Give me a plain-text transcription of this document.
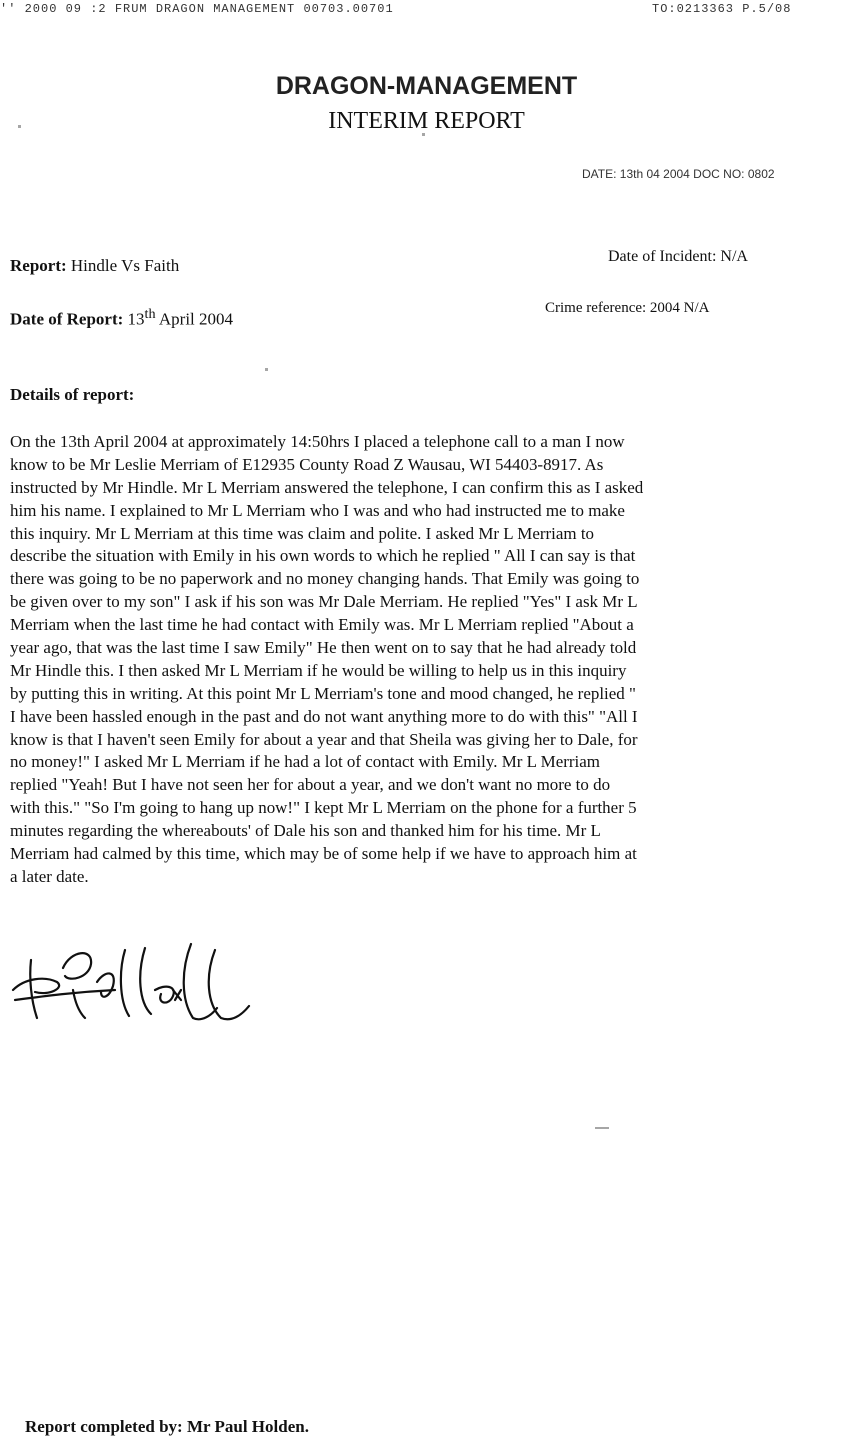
'' 2000 09 :2 FRUM DRAGON MANAGEMENT 00703.00701	TO:0213363 P.5/08
DRAGON-MANAGEMENT
INTERIM REPORT
DATE: 13th 04 2004 DOC NO: 0802
Report: Hindle Vs Faith	Date of Incident: N/A
Date of Report: 13th April 2004
Crime reference: 2004 N/A
Details of report:
On the 13th April 2004 at approximately 14:50hrs I placed a telephone call to a man I now
know to be Mr Leslie Merriam of E12935 County Road Z Wausau, WI 54403-8917. As
instructed by Mr Hindle. Mr L Merriam answered the telephone, I can confirm this as I asked
him his name. I explained to Mr L Merriam who I was and who had instructed me to make
this inquiry. Mr L Merriam at this time was claim and polite. I asked Mr L Merriam to
describe the situation with Emily in his own words to which he replied " All I can say is that
there was going to be no paperwork and no money changing hands. That Emily was going to
be given over to my son" I ask if his son was Mr Dale Merriam. He replied "Yes" I ask Mr L
Merriam when the last time he had contact with Emily was. Mr L Merriam replied "About a
year ago, that was the last time I saw Emily" He then went on to say that he had already told
Mr Hindle this. I then asked Mr L Merriam if he would be willing to help us in this inquiry
by putting this in writing. At this point Mr L Merriam's tone and mood changed, he replied "
I have been hassled enough in the past and do not want anything more to do with this" "All I
know is that I haven't seen Emily for about a year and that Sheila was giving her to Dale, for
no money!" I asked Mr L Merriam if he had a lot of contact with Emily. Mr L Merriam
replied "Yeah! But I have not seen her for about a year, and we don't want no more to do
with this." "So I'm going to hang up now!" I kept Mr L Merriam on the phone for a further 5
minutes regarding the whereabouts' of Dale his son and thanked him for his time. Mr L
Merriam had calmed by this time, which may be of some help if we have to approach him at
a later date.
Report completed by: Mr Paul Holden.
